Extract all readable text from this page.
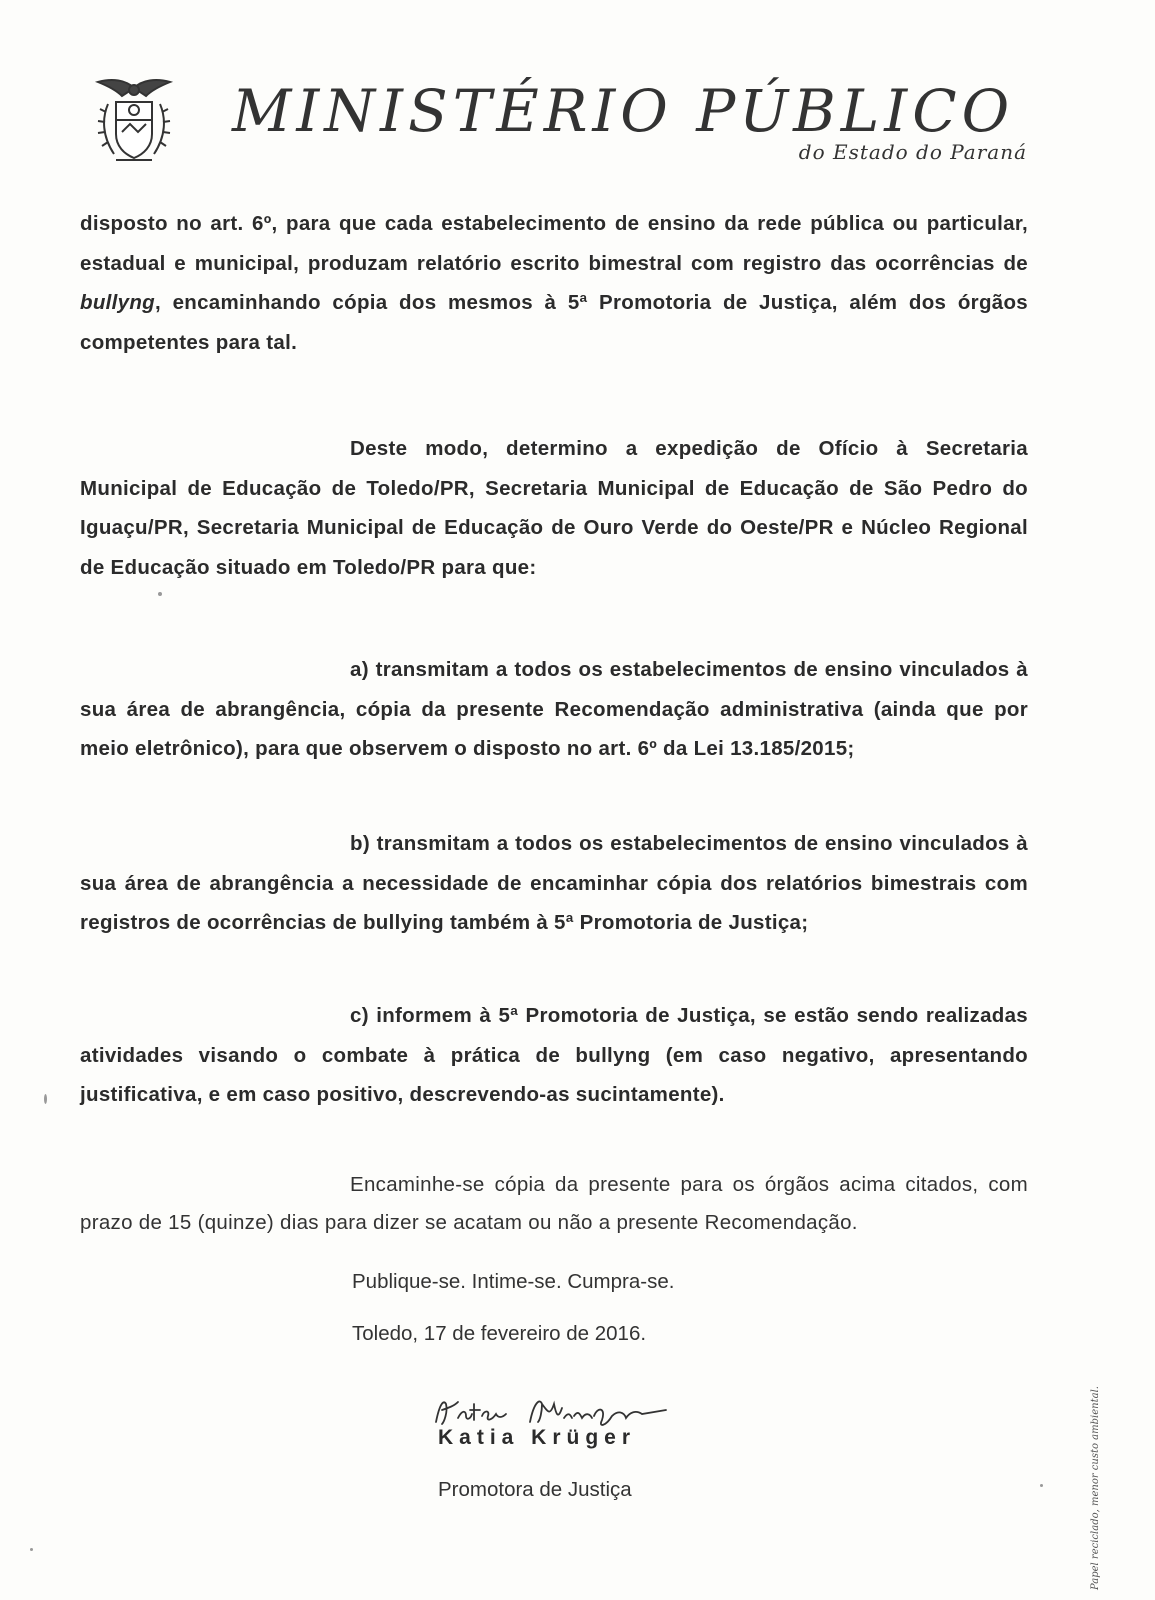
MINISTÉRIO PÚBLICO
do Estado do Paraná
disposto no art. 6º, para que cada estabelecimento de ensino da rede pública ou particular, estadual e municipal, produzam relatório escrito bimestral com registro das ocorrências de bullyng, encaminhando cópia dos mesmos à 5ª Promotoria de Justiça, além dos órgãos competentes para tal.
Deste modo, determino a expedição de Ofício à Secretaria Municipal de Educação de Toledo/PR, Secretaria Municipal de Educação de São Pedro do Iguaçu/PR, Secretaria Municipal de Educação de Ouro Verde do Oeste/PR e Núcleo Regional de Educação situado em Toledo/PR para que:
a) transmitam a todos os estabelecimentos de ensino vinculados à sua área de abrangência, cópia da presente Recomendação administrativa (ainda que por meio eletrônico), para que observem o disposto no art. 6º da Lei 13.185/2015;
b) transmitam a todos os estabelecimentos de ensino vinculados à sua área de abrangência a necessidade de encaminhar cópia dos relatórios bimestrais com registros de ocorrências de bullying também à 5ª Promotoria de Justiça;
c) informem à 5ª Promotoria de Justiça, se estão sendo realizadas atividades visando o combate à prática de bullyng (em caso negativo, apresentando justificativa, e em caso positivo, descrevendo-as sucintamente).
Encaminhe-se cópia da presente para os órgãos acima citados, com prazo de 15 (quinze) dias para dizer se acatam ou não a presente Recomendação.
Publique-se. Intime-se. Cumpra-se.
Toledo, 17 de fevereiro de 2016.
Katia Krüger
Promotora de Justiça	Papel reciclado, menor custo ambiental.
